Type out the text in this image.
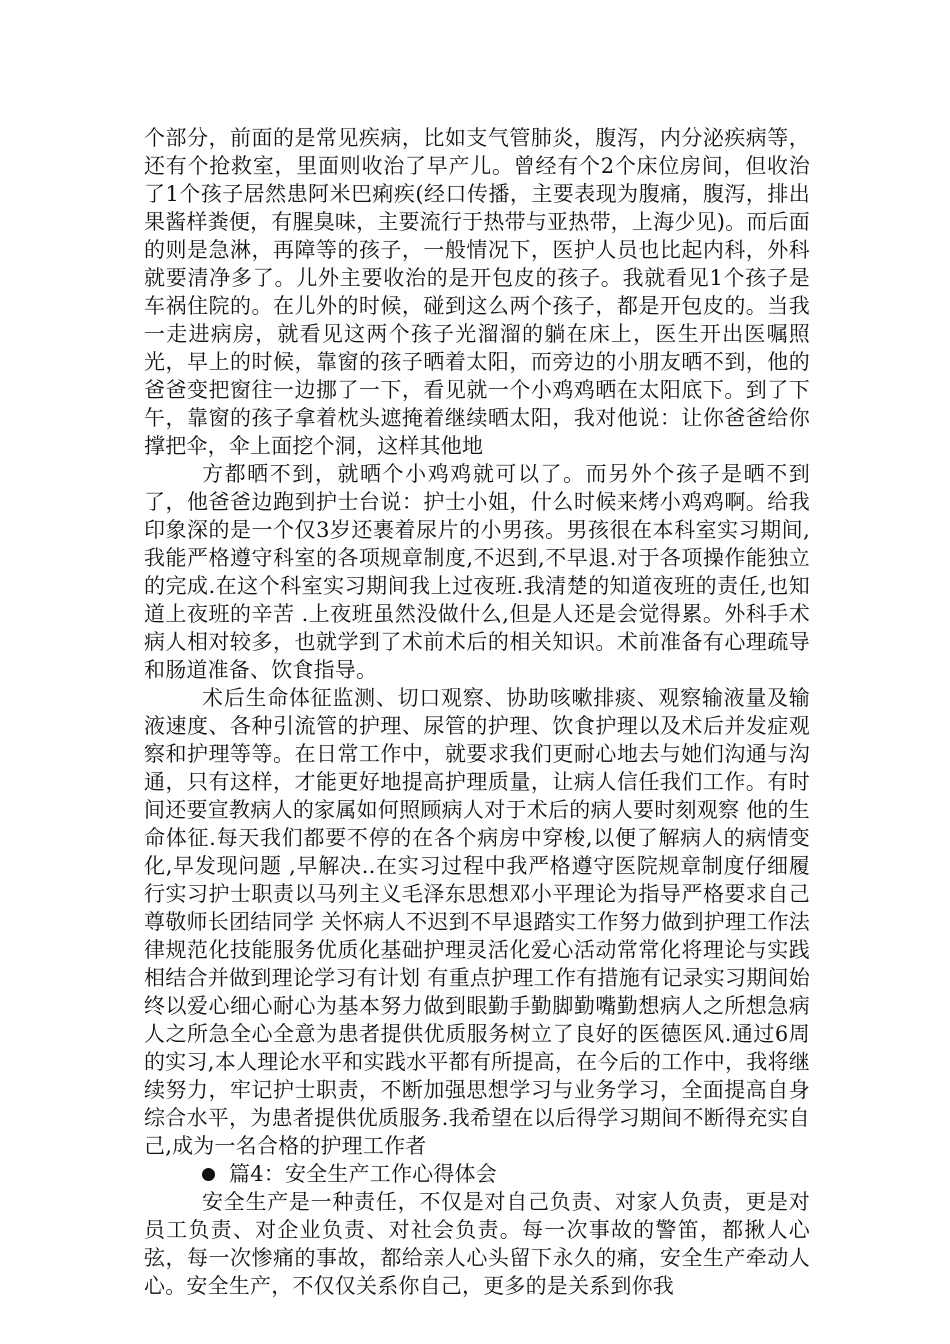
个部分，前面的是常见疾病，比如支气管肺炎，腹泻，内分泌疾病等，还有个抢救室，里面则收治了早产儿。曾经有个2个床位房间，但收治了1个孩子居然患阿米巴痢疾(经口传播，主要表现为腹痛，腹泻，排出果酱样粪便，有腥臭味，主要流行于热带与亚热带，上海少见)。而后面的则是急淋，再障等的孩子，一般情况下，医护人员也比起内科，外科就要清净多了。儿外主要收治的是开包皮的孩子。我就看见1个孩子是车祸住院的。在儿外的时候，碰到这么两个孩子，都是开包皮的。当我一走进病房，就看见这两个孩子光溜溜的躺在床上，医生开出医嘱照光，早上的时候，靠窗的孩子晒着太阳，而旁边的小朋友晒不到，他的爸爸变把窗往一边挪了一下，看见就一个小鸡鸡晒在太阳底下。到了下午，靠窗的孩子拿着枕头遮掩着继续晒太阳，我对他说：让你爸爸给你撑把伞，伞上面挖个洞，这样其他地

方都晒不到，就晒个小鸡鸡就可以了。而另外个孩子是晒不到了，他爸爸边跑到护士台说：护士小姐，什么时候来烤小鸡鸡啊。给我印象深的是一个仅3岁还裹着尿片的小男孩。男孩很在本科室实习期间,我能严格遵守科室的各项规章制度,不迟到,不早退.对于各项操作能独立的完成.在这个科室实习期间我上过夜班.我清楚的知道夜班的责任,也知道上夜班的辛苦 .上夜班虽然没做什么,但是人还是会觉得累。外科手术病人相对较多，也就学到了术前术后的相关知识。术前准备有心理疏导和肠道准备、饮食指导。

术后生命体征监测、切口观察、协助咳嗽排痰、观察输液量及输液速度、各种引流管的护理、尿管的护理、饮食护理以及术后并发症观察和护理等等。在日常工作中，就要求我们更耐心地去与她们沟通与沟通，只有这样，才能更好地提高护理质量，让病人信任我们工作。有时间还要宣教病人的家属如何照顾病人对于术后的病人要时刻观察 他的生命体征.每天我们都要不停的在各个病房中穿梭,以便了解病人的病情变化,早发现问题 ,早解决..在实习过程中我严格遵守医院规章制度仔细履行实习护士职责以马列主义毛泽东思想邓小平理论为指导严格要求自己尊敬师长团结同学 关怀病人不迟到不早退踏实工作努力做到护理工作法律规范化技能服务优质化基础护理灵活化爱心活动常常化将理论与实践相结合并做到理论学习有计划 有重点护理工作有措施有记录实习期间始终以爱心细心耐心为基本努力做到眼勤手勤脚勤嘴勤想病人之所想急病人之所急全心全意为患者提供优质服务树立了良好的医德医风.通过6周的实习,本人理论水平和实践水平都有所提高，在今后的工作中，我将继续努力，牢记护士职责，不断加强思想学习与业务学习，全面提高自身综合水平，为患者提供优质服务.我希望在以后得学习期间不断得充实自己,成为一名合格的护理工作者

篇4：安全生产工作心得体会

安全生产是一种责任，不仅是对自己负责、对家人负责，更是对员工负责、对企业负责、对社会负责。每一次事故的警笛，都揪人心弦，每一次惨痛的事故，都给亲人心头留下永久的痛，安全生产牵动人心。安全生产，不仅仅关系你自己，更多的是关系到你我
